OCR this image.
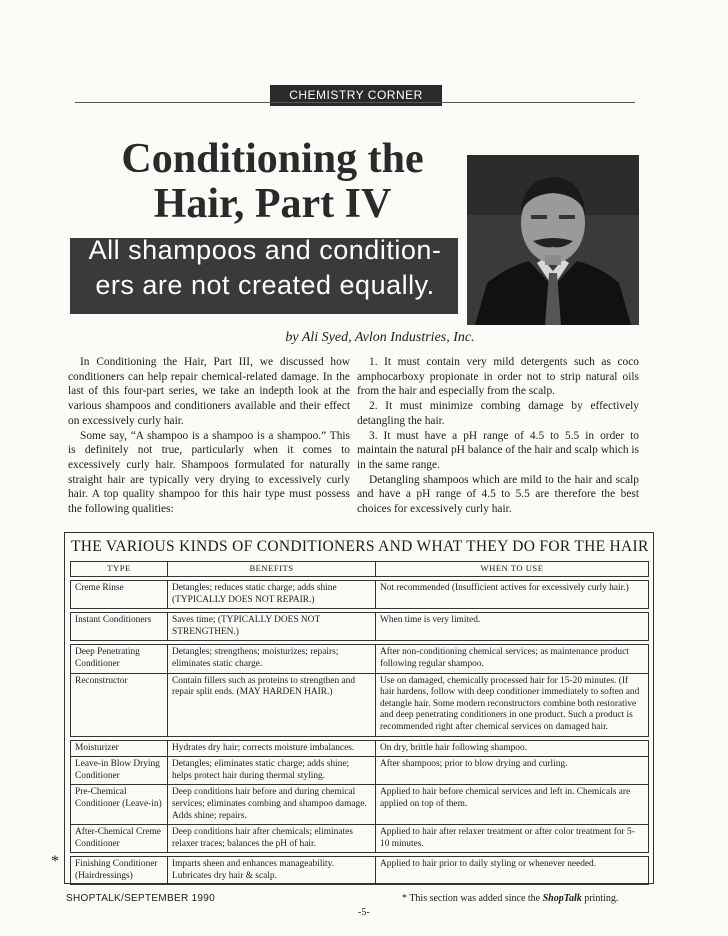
CHEMISTRY CORNER
Conditioning the
Hair, Part IV

All shampoos and condition-
ers are not created equally.

by Ali Syed, Avlon Industries, Inc.

In Conditioning the Hair, Part III, we discussed how conditioners can help repair chemical-related damage. In the last of this four-part series, we take an indepth look at the various shampoos and conditioners available and their effect on excessively curly hair.

Some say, “A shampoo is a shampoo is a shampoo.” This is definitely not true, particularly when it comes to excessively curly hair. Shampoos formulated for naturally straight hair are typically very drying to excessively curly hair. A top quality shampoo for this hair type must possess the following qualities:

1. It must contain very mild detergents such as coco amphocarboxy propionate in order not to strip natural oils from the hair and especially from the scalp.

2. It must minimize combing damage by effectively detangling the hair.

3. It must have a pH range of 4.5 to 5.5 in order to maintain the natural pH balance of the hair and scalp which is in the same range.

Detangling shampoos which are mild to the hair and scalp and have a pH range of 4.5 to 5.5 are therefore the best choices for excessively curly hair.

THE VARIOUS KINDS OF CONDITIONERS AND WHAT THEY DO FOR THE HAIR
TYPE	BENEFITS	WHEN TO USE

Creme Rinse	Detangles; reduces static charge; adds shine (TYPICALLY DOES NOT REPAIR.)	Not recommended (Insufficient actives for excessively curly hair.)

Instant Conditioners	Saves time; (TYPICALLY DOES NOT STRENGTHEN.)	When time is very limited.

Deep Penetrating Conditioner	Detangles; strengthens; moisturizes; repairs; eliminates static charge.	After non-conditioning chemical services; as maintenance product following regular shampoo.
Reconstructor	Contain fillers such as proteins to strengthen and repair split ends. (MAY HARDEN HAIR.)	Use on damaged, chemically processed hair for 15-20 minutes. (If hair hardens, follow with deep conditioner immediately to soften and detangle hair. Some modern reconstructors combine both restorative and deep penetrating conditioners in one product. Such a product is recommended right after chemical services on damaged hair.

Moisturizer	Hydrates dry hair; corrects moisture imbalances.	On dry, brittle hair following shampoo.
Leave-in Blow Drying Conditioner	Detangles; eliminates static charge; adds shine; helps protect hair during thermal styling.	After shampoos; prior to blow drying and curling.
Pre-Chemical Conditioner (Leave-in)	Deep conditions hair before and during chemical services; eliminates combing and shampoo damage. Adds shine; repairs.	Applied to hair before chemical services and left in. Chemicals are applied on top of them.
After-Chemical Creme Conditioner	Deep conditions hair after chemicals; eliminates relaxer traces; balances the pH of hair.	Applied to hair after relaxer treatment or after color treatment for 5-10 minutes.

Finishing Conditioner (Hairdressings)	Imparts sheen and enhances manageability. Lubricates dry hair & scalp.	Applied to hair prior to daily styling or whenever needed.
*
SHOPTALK/SEPTEMBER 1990	* This section was added since the ShopTalk printing.
-5-
